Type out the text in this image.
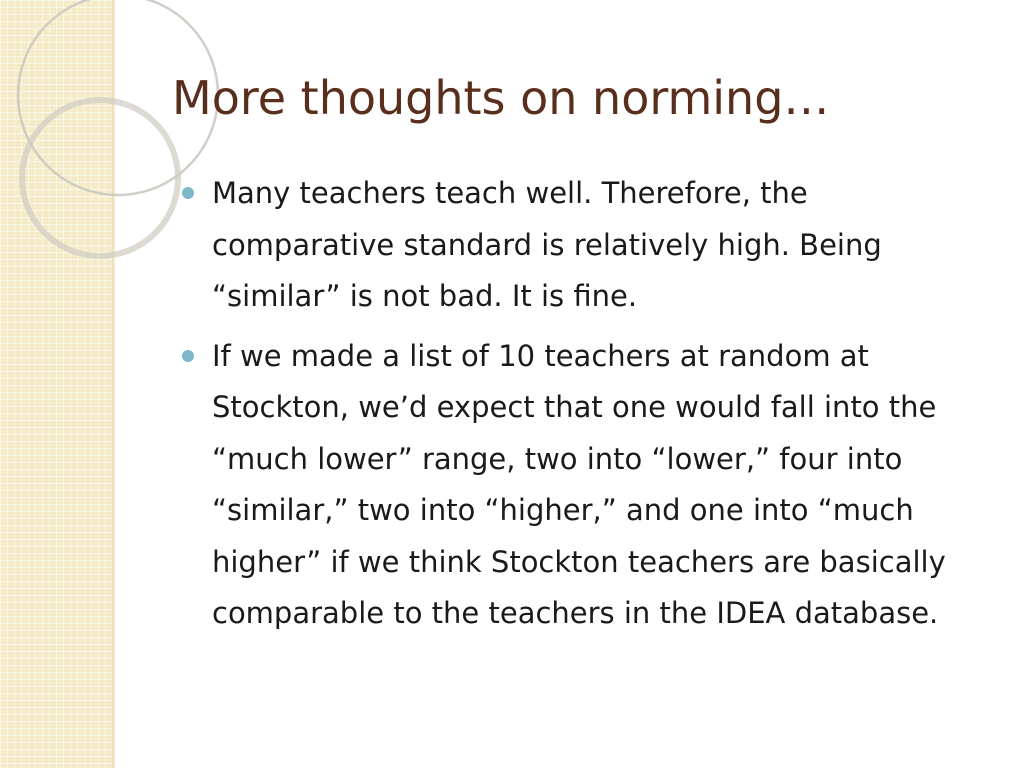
More thoughts on norming…
Many teachers teach well. Therefore, the comparative standard is relatively high. Being “similar” is not bad. It is fine.
If we made a list of 10 teachers at random at Stockton, we’d expect that one would fall into the “much lower” range, two into “lower,” four into “similar,” two into “higher,” and one into “much higher” if we think Stockton teachers are basically comparable to the teachers in the IDEA database.
